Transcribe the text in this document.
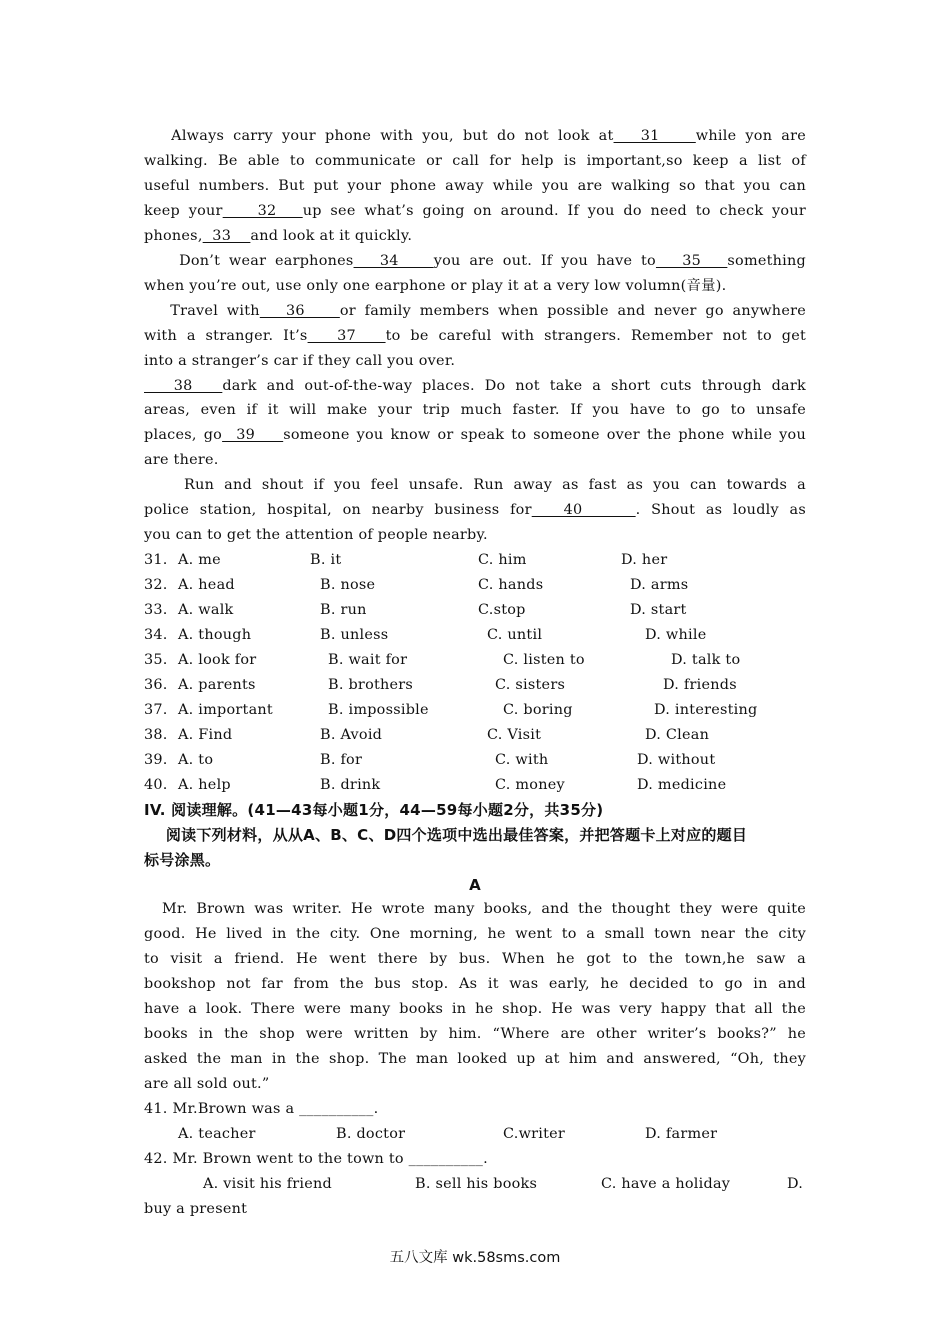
Always carry your phone with you, but do not look at   31    while yon are
walking. Be able to communicate or call for help is important,so keep a list of
useful numbers. But put your phone away while you are walking so that you can
keep your    32   up see what’s going on around. If you do need to check your
phones,  33    and look at it quickly.
Don’t wear earphones   34    you are out. If you have to   35   something
when you’re out, use only one earphone or play it at a very low volumn(音量).
Travel with   36    or family members when possible and never go anywhere
with a stranger. It’s   37   to be careful with strangers. Remember not to get
into a stranger’s car if they call you over.
38   dark and out-of-the-way places. Do not take a short cuts through dark
areas, even if it will make your trip much faster. If you have to go to unsafe
places, go  39    someone you know or speak to someone over the phone while you
are there.
Run and shout if you feel unsafe. Run away as fast as you can towards a
police station, hospital, on nearby business for   40     . Shout as loudly as
you can to get the attention of people nearby.
31. A. me	B. it	C. him	D. her
32. A. head	B. nose	C. hands	D. arms
33. A. walk	B. run	C.stop	D. start
34. A. though	B. unless	C. until	D. while
35. A. look for	B. wait for	C. listen to	D. talk to
36. A. parents	B. brothers	C. sisters	D. friends
37. A. important	B. impossible	C. boring	D. interesting
38. A. Find	B. Avoid	C. Visit	D. Clean
39. A. to	B. for	C. with	D. without
40. A. help	B. drink	C. money	D. medicine
IV. 阅读理解。(41—43每小题1分，44—59每小题2分，共35分)
阅读下列材料，从从A、B、C、D四个选项中选出最佳答案，并把答题卡上对应的题目
标号涂黑。
A
Mr. Brown was writer. He wrote many books, and the thought they were quite
good. He lived in the city. One morning, he went to a small town near the city
to visit a friend. He went there by bus. When he got to the town,he saw a
bookshop not far from the bus stop. As it was early, he decided to go in and
have a look. There were many books in he shop. He was very happy that all the
books in the shop were written by him. “Where are other writer’s books?” he
asked the man in the shop. The man looked up at him and answered, “Oh, they
are all sold out.”
41. Mr.Brown was a __________.
A. teacher	B. doctor	C.writer	D. farmer
42. Mr. Brown went to the town to __________.
A. visit his friend	B. sell his books	C. have a holiday	D.
buy a present
五八文库 wk.58sms.com
